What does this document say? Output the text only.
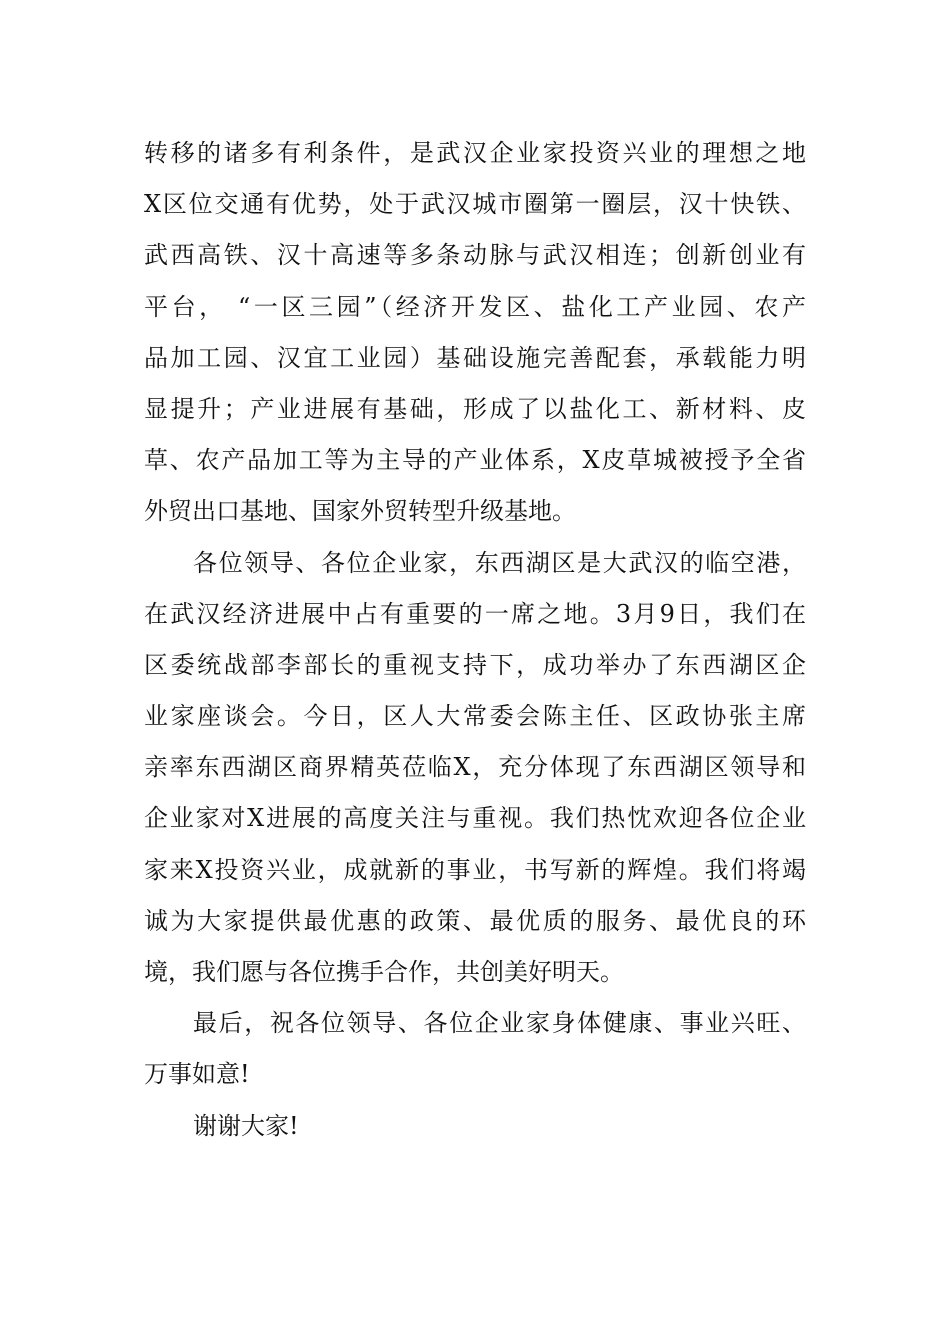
转移的诸多有利条件，是武汉企业家投资兴业的理想之地
X区位交通有优势，处于武汉城市圈第一圈层，汉十快铁、
武西高铁、汉十高速等多条动脉与武汉相连；创新创业有
平台， “一区三园”（经济开发区、盐化工产业园、农产
品加工园、汉宜工业园）基础设施完善配套，承载能力明
显提升；产业进展有基础，形成了以盐化工、新材料、皮
草、农产品加工等为主导的产业体系，X皮草城被授予全省
外贸出口基地、国家外贸转型升级基地。
各位领导、各位企业家，东西湖区是大武汉的临空港，
在武汉经济进展中占有重要的一席之地。3月9日，我们在
区委统战部李部长的重视支持下，成功举办了东西湖区企
业家座谈会。今日，区人大常委会陈主任、区政协张主席
亲率东西湖区商界精英莅临X，充分体现了东西湖区领导和
企业家对X进展的高度关注与重视。我们热忱欢迎各位企业
家来X投资兴业，成就新的事业，书写新的辉煌。我们将竭
诚为大家提供最优惠的政策、最优质的服务、最优良的环
境，我们愿与各位携手合作，共创美好明天。
最后，祝各位领导、各位企业家身体健康、事业兴旺、
万事如意!
谢谢大家!
